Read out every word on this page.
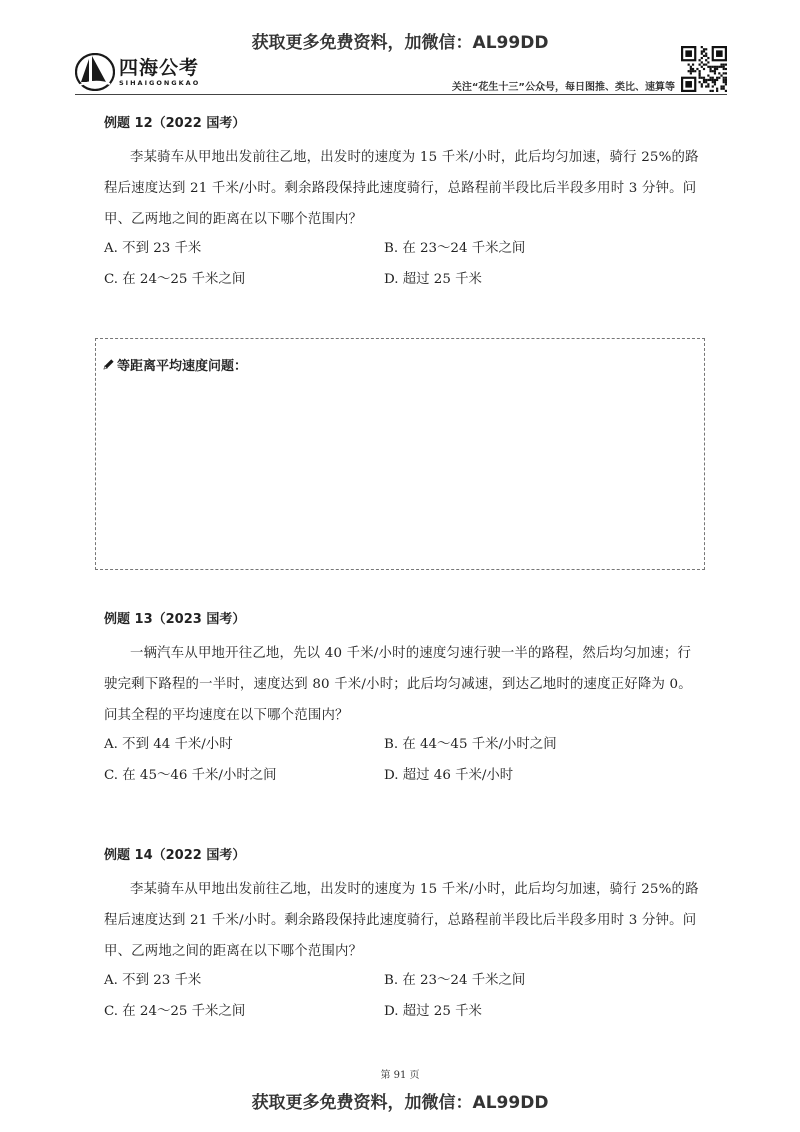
获取更多免费资料，加微信：AL99DD
四海公考
SIHAIGONGKAO	关注“花生十三”公众号，每日图推、类比、速算等
例题 12（2022 国考）

李某骑车从甲地出发前往乙地，出发时的速度为 15 千米/小时，此后均匀加速，骑行 25%的路程后速度达到 21 千米/小时。剩余路段保持此速度骑行，总路程前半段比后半段多用时 3 分钟。问甲、乙两地之间的距离在以下哪个范围内？

A. 不到 23 千米	B. 在 23～24 千米之间
C. 在 24～25 千米之间	D. 超过 25 千米
等距离平均速度问题：
例题 13（2023 国考）

一辆汽车从甲地开往乙地，先以 40 千米/小时的速度匀速行驶一半的路程，然后均匀加速；行驶完剩下路程的一半时，速度达到 80 千米/小时；此后均匀减速，到达乙地时的速度正好降为 0。问其全程的平均速度在以下哪个范围内？

A. 不到 44 千米/小时	B. 在 44～45 千米/小时之间
C. 在 45～46 千米/小时之间	D. 超过 46 千米/小时
例题 14（2022 国考）

李某骑车从甲地出发前往乙地，出发时的速度为 15 千米/小时，此后均匀加速，骑行 25%的路程后速度达到 21 千米/小时。剩余路段保持此速度骑行，总路程前半段比后半段多用时 3 分钟。问甲、乙两地之间的距离在以下哪个范围内？

A. 不到 23 千米	B. 在 23～24 千米之间
C. 在 24～25 千米之间	D. 超过 25 千米
第 91 页
获取更多免费资料，加微信：AL99DD
